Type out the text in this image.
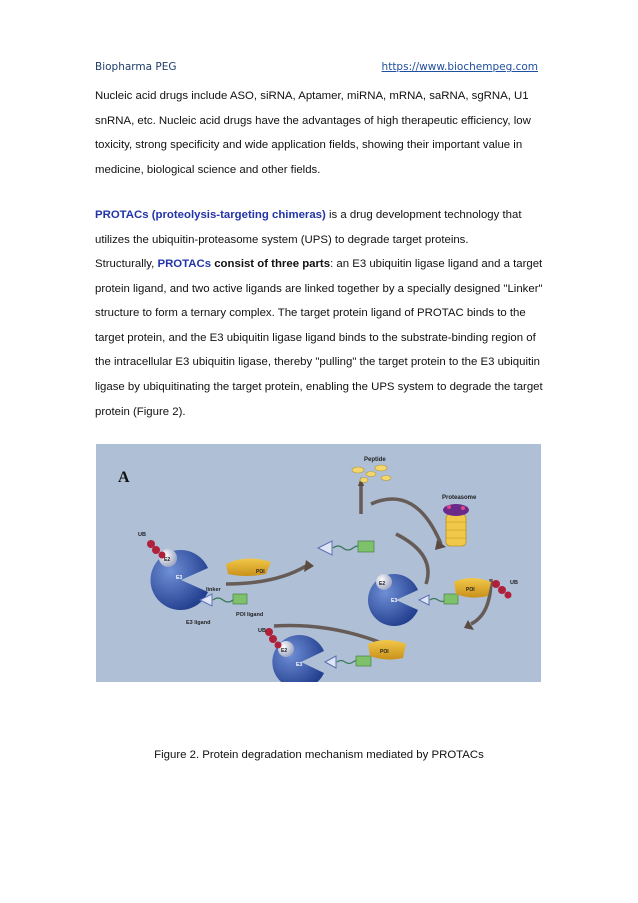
Biopharma PEG	https://www.biochempeg.com

Nucleic acid drugs include ASO, siRNA, Aptamer, miRNA, mRNA, saRNA, sgRNA, U1 snRNA, etc. Nucleic acid drugs have the advantages of high therapeutic efficiency, low toxicity, strong specificity and wide application fields, showing their important value in medicine, biological science and other fields.

PROTACs (proteolysis-targeting chimeras) is a drug development technology that utilizes the ubiquitin-proteasome system (UPS) to degrade target proteins.

Structurally, PROTACs consist of three parts: an E3 ubiquitin ligase ligand and a target protein ligand, and two active ligands are linked together by a specially designed "Linker" structure to form a ternary complex. The target protein ligand of PROTAC binds to the target protein, and the E3 ubiquitin ligase ligand binds to the substrate-binding region of the intracellular E3 ubiquitin ligase, thereby "pulling" the target protein to the E3 ubiquitin ligase by ubiquitinating the target protein, enabling the UPS system to degrade the target protein (Figure 2).

A
Peptide
Proteasome
UB
E2
E3
POI
linker
POI ligand
E3 ligand
E2
E3
POI
UB
UB
E2
E3
POI

Figure 2. Protein degradation mechanism mediated by PROTACs
